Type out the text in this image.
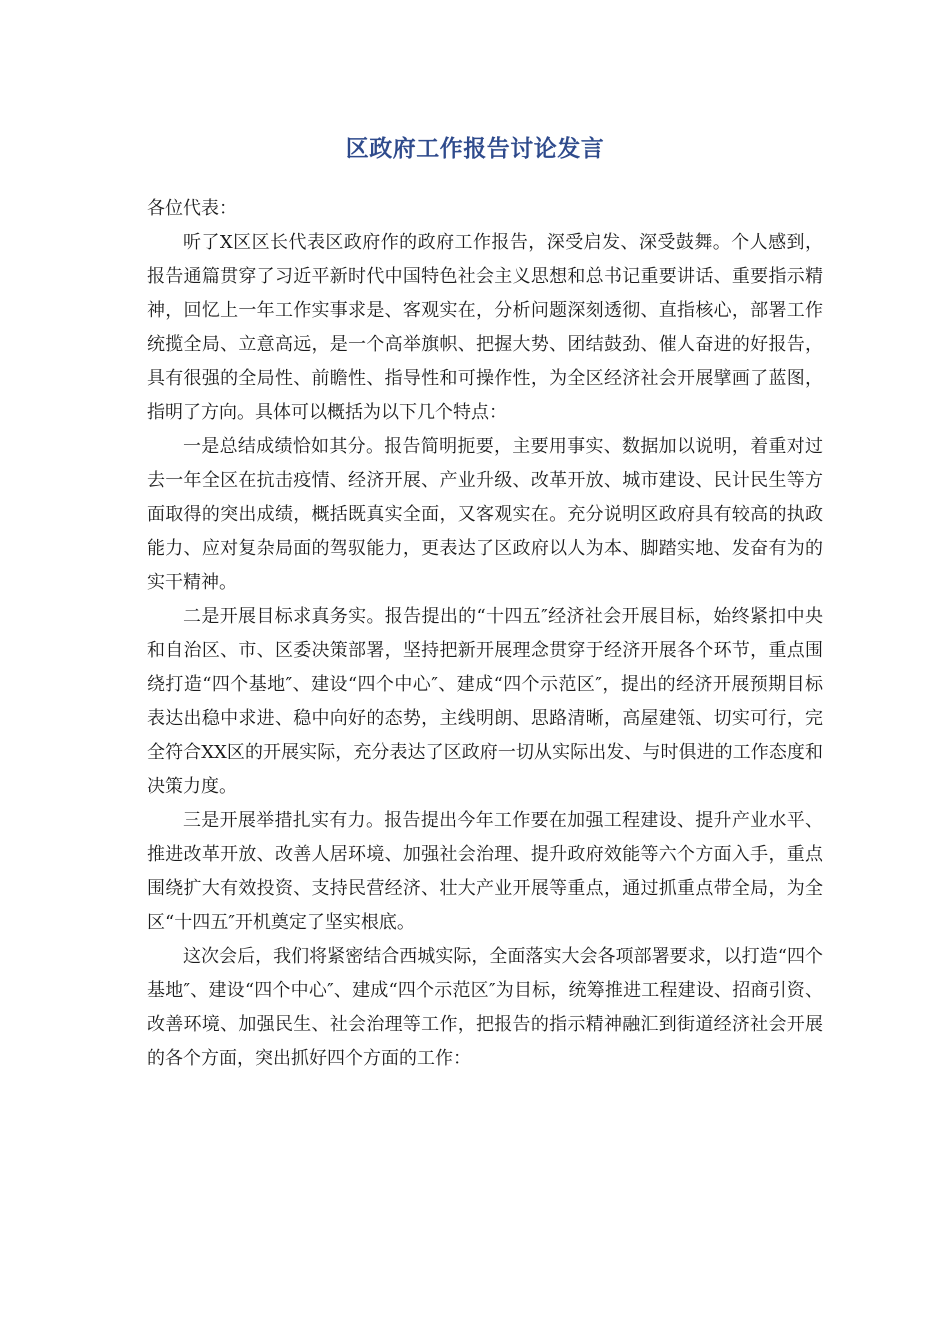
区政府工作报告讨论发言

各位代表：

听了X区区长代表区政府作的政府工作报告，深受启发、深受鼓舞。个人感到，报告通篇贯穿了习近平新时代中国特色社会主义思想和总书记重要讲话、重要指示精神，回忆上一年工作实事求是、客观实在，分析问题深刻透彻、直指核心，部署工作统揽全局、立意高远，是一个高举旗帜、把握大势、团结鼓劲、催人奋进的好报告，具有很强的全局性、前瞻性、指导性和可操作性，为全区经济社会开展擘画了蓝图，指明了方向。具体可以概括为以下几个特点：

一是总结成绩恰如其分。报告简明扼要，主要用事实、数据加以说明，着重对过去一年全区在抗击疫情、经济开展、产业升级、改革开放、城市建设、民计民生等方面取得的突出成绩，概括既真实全面，又客观实在。充分说明区政府具有较高的执政能力、应对复杂局面的驾驭能力，更表达了区政府以人为本、脚踏实地、发奋有为的实干精神。

二是开展目标求真务实。报告提出的“十四五″经济社会开展目标，始终紧扣中央和自治区、市、区委决策部署，坚持把新开展理念贯穿于经济开展各个环节，重点围绕打造“四个基地″、建设“四个中心″、建成“四个示范区″，提出的经济开展预期目标表达出稳中求进、稳中向好的态势，主线明朗、思路清晰，高屋建瓴、切实可行，完全符合XX区的开展实际，充分表达了区政府一切从实际出发、与时俱进的工作态度和决策力度。

三是开展举措扎实有力。报告提出今年工作要在加强工程建设、提升产业水平、推进改革开放、改善人居环境、加强社会治理、提升政府效能等六个方面入手，重点围绕扩大有效投资、支持民营经济、壮大产业开展等重点，通过抓重点带全局，为全区“十四五″开机奠定了坚实根底。

这次会后，我们将紧密结合西城实际，全面落实大会各项部署要求，以打造“四个基地″、建设“四个中心″、建成“四个示范区″为目标，统筹推进工程建设、招商引资、改善环境、加强民生、社会治理等工作，把报告的指示精神融汇到街道经济社会开展的各个方面，突出抓好四个方面的工作：
